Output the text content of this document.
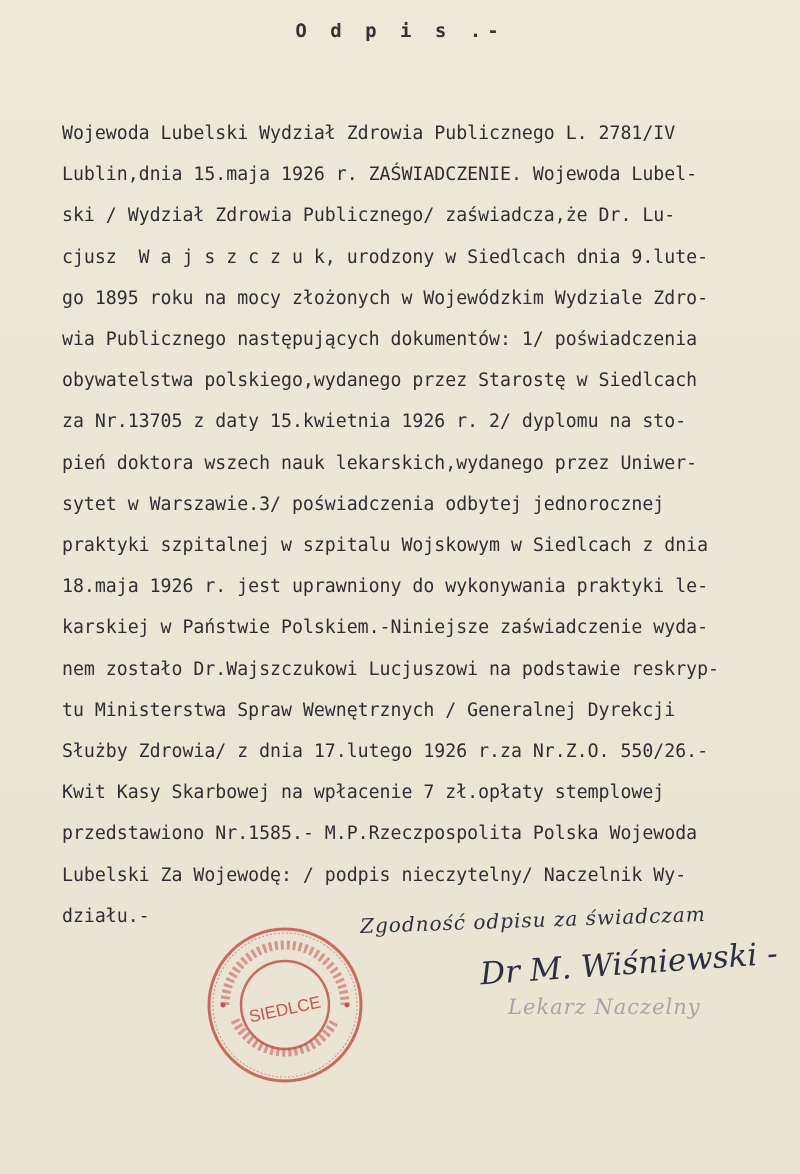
O d p i s .-
Wojewoda Lubelski Wydział Zdrowia Publicznego L. 2781/IV
Lublin,dnia 15.maja 1926 r. ZAŚWIADCZENIE. Wojewoda Lubel-
ski / Wydział Zdrowia Publicznego/ zaświadcza,że Dr. Lu-
cjusz  W a j s z c z u k, urodzony w Siedlcach dnia 9.lute-
go 1895 roku na mocy złożonych w Wojewódzkim Wydziale Zdro-
wia Publicznego następujących dokumentów: 1/ poświadczenia
obywatelstwa polskiego,wydanego przez Starostę w Siedlcach
za Nr.13705 z daty 15.kwietnia 1926 r. 2/ dyplomu na sto-
pień doktora wszech nauk lekarskich,wydanego przez Uniwer-
sytet w Warszawie.3/ poświadczenia odbytej jednorocznej
praktyki szpitalnej w szpitalu Wojskowym w Siedlcach z dnia
18.maja 1926 r. jest uprawniony do wykonywania praktyki le-
karskiej w Państwie Polskiem.-Niniejsze zaświadczenie wyda-
nem zostało Dr.Wajszczukowi Lucjuszowi na podstawie reskryp-
tu Ministerstwa Spraw Wewnętrznych / Generalnej Dyrekcji
Służby Zdrowia/ z dnia 17.lutego 1926 r.za Nr.Z.O. 550/26.-
Kwit Kasy Skarbowej na wpłacenie 7 zł.opłaty stemplowej
przedstawiono Nr.1585.- M.P.Rzeczpospolita Polska Wojewoda
Lubelski Za Wojewodę: / podpis nieczytelny/ Naczelnik Wy-
działu.-	Zgodność odpisu za świadczam
Dr M. Wiśniewski -
Lekarz Naczelny
SIEDLCE
